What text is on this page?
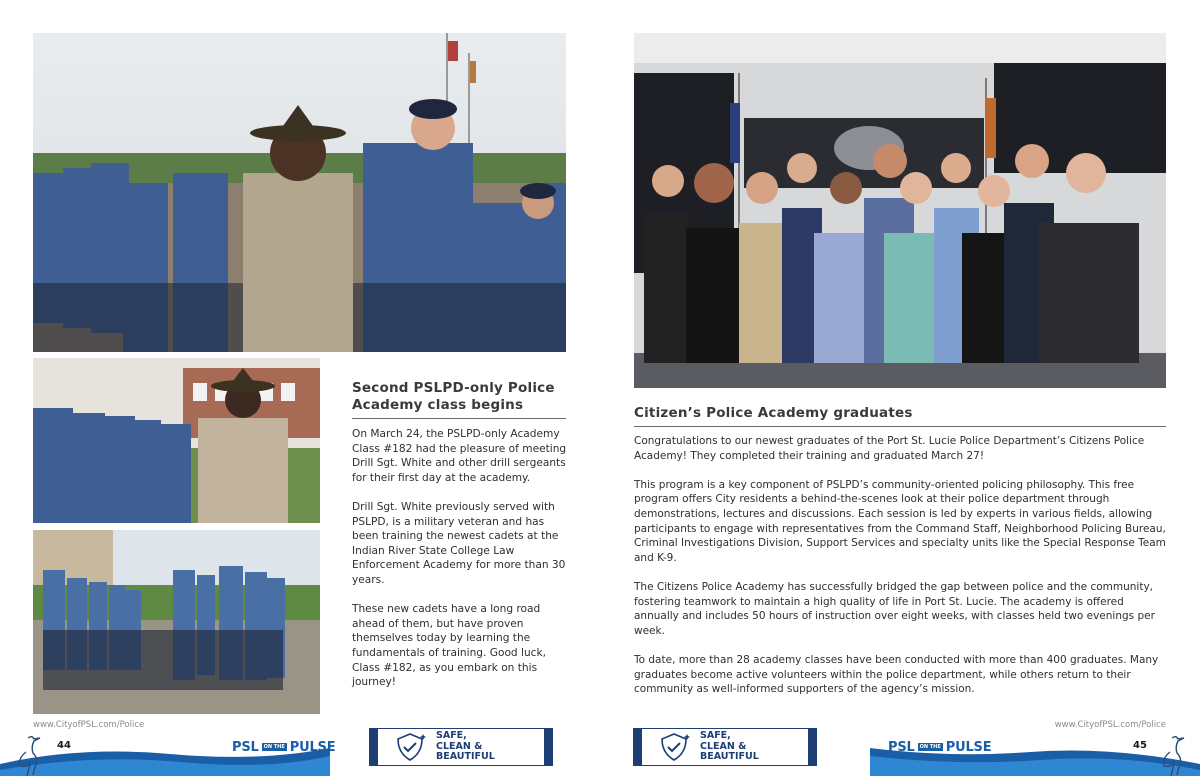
Second PSLPD-only Police Academy class begins

On March 24, the PSLPD-only Academy Class #182 had the pleasure of meeting Drill Sgt. White and other drill sergeants for their first day at the academy.

Drill Sgt. White previously served with PSLPD, is a military veteran and has been training the newest cadets at the Indian River State College Law Enforcement Academy for more than 30 years.

These new cadets have a long road ahead of them, but have proven themselves today by learning the fundamentals of training. Good luck, Class #182, as you embark on this journey!

Citizen’s Police Academy graduates

Congratulations to our newest graduates of the Port St. Lucie Police Department’s Citizens Police Academy! They completed their training and graduated March 27!

This program is a key component of PSLPD’s community-oriented policing philosophy. This free program offers City residents a behind-the-scenes look at their police department through demonstrations, lectures and discussions. Each session is led by experts in various fields, allowing participants to engage with representatives from the Command Staff, Neighborhood Policing Bureau, Criminal Investigations Division, Support Services and specialty units like the Special Response Team and K-9.

The Citizens Police Academy has successfully bridged the gap between police and the community, fostering teamwork to maintain a high quality of life in Port St. Lucie. The academy is offered annually and includes 50 hours of instruction over eight weeks, with classes held two evenings per week.

To date, more than 28 academy classes have been conducted with more than 400 graduates. Many graduates become active volunteers within the police department, while others return to their community as well-informed supporters of the agency’s mission.

www.CityofPSL.com/Police
44	PSL	ON THE PULSE
SAFE,
CLEAN &
BEAUTIFUL
SAFE,
CLEAN &
BEAUTIFUL
PSL	ON THE PULSE
www.CityofPSL.com/Police
45
